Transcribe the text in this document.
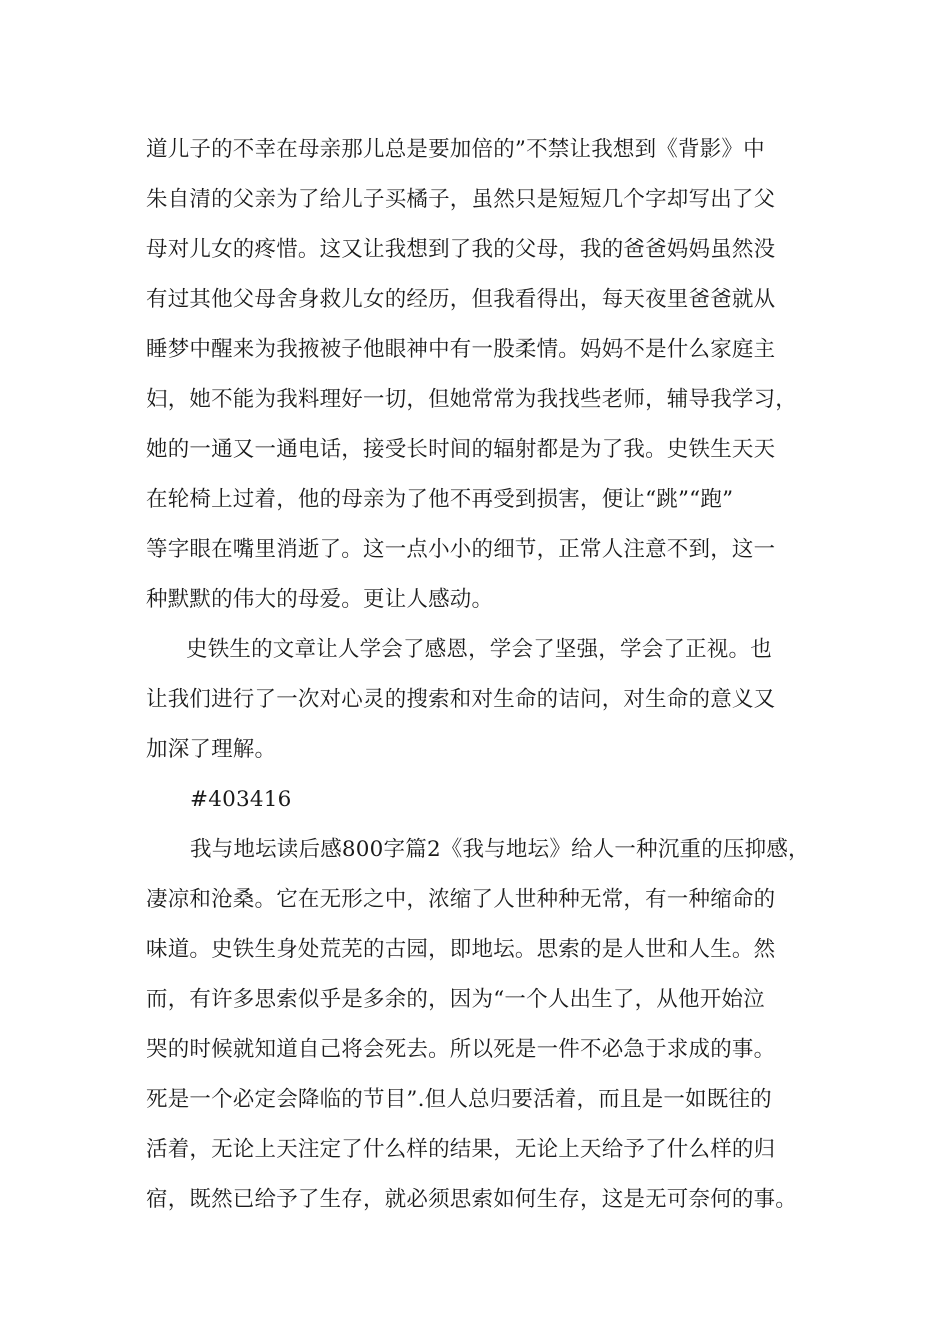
道儿子的不幸在母亲那儿总是要加倍的”不禁让我想到《背影》中
朱自清的父亲为了给儿子买橘子，虽然只是短短几个字却写出了父
母对儿女的疼惜。这又让我想到了我的父母，我的爸爸妈妈虽然没
有过其他父母舍身救儿女的经历，但我看得出，每天夜里爸爸就从
睡梦中醒来为我掖被子他眼神中有一股柔情。妈妈不是什么家庭主
妇，她不能为我料理好一切，但她常常为我找些老师，辅导我学习，
她的一通又一通电话，接受长时间的辐射都是为了我。史铁生天天
在轮椅上过着，他的母亲为了他不再受到损害，便让“跳”“跑”
等字眼在嘴里消逝了。这一点小小的细节，正常人注意不到，这一
种默默的伟大的母爱。更让人感动。
史铁生的文章让人学会了感恩，学会了坚强，学会了正视。也
让我们进行了一次对心灵的搜索和对生命的诘问，对生命的意义又
加深了理解。
#403416
我与地坛读后感800字篇2《我与地坛》给人一种沉重的压抑感，
凄凉和沧桑。它在无形之中，浓缩了人世种种无常，有一种缩命的
味道。史铁生身处荒芜的古园，即地坛。思索的是人世和人生。然
而，有许多思索似乎是多余的，因为“一个人出生了，从他开始泣
哭的时候就知道自己将会死去。所以死是一件不必急于求成的事。
死是一个必定会降临的节目”.但人总归要活着，而且是一如既往的
活着，无论上天注定了什么样的结果，无论上天给予了什么样的归
宿，既然已给予了生存，就必须思索如何生存，这是无可奈何的事。
